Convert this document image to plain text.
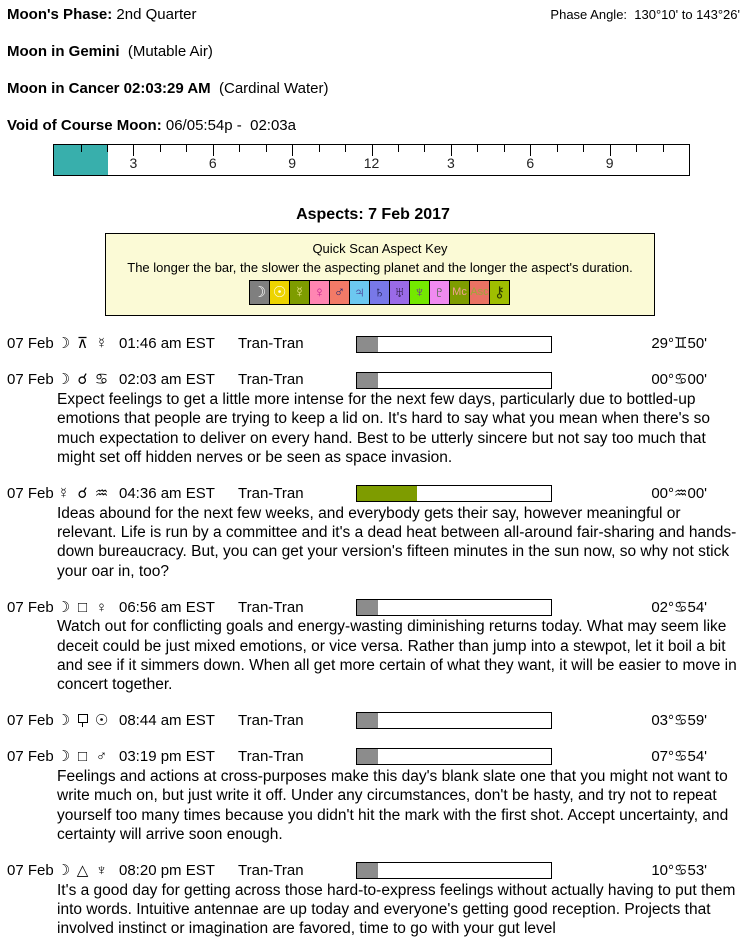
Moon's Phase: 2nd Quarter	Phase Angle:  130°10' to 143°26'
Moon in Gemini  (Mutable Air)
Moon in Cancer 02:03:29 AM  (Cardinal Water)
Void of Course Moon: 06/05:54p -  02:03a
3	6	9	12	3	6	9
Aspects: 7 Feb 2017
Quick Scan Aspect Key
The longer the bar, the slower the aspecting planet and the longer the aspect's duration.
☽ ☉ ☿ ♀ ♂ ♃ ♄ ♅ ♆ ♇ Mc Asc ⚷
07 Feb ☽ ⊼ ☿ 01:46 am EST Tran-Tran	29°♊50'

07 Feb ☽ ☌ ♋ 02:03 am EST Tran-Tran	00°♋00'

Expect feelings to get a little more intense for the next few days, particularly due to bottled-up emotions that people are trying to keep a lid on. It's hard to say what you mean when there's so much expectation to deliver on every hand. Best to be utterly sincere but not say too much that might set off hidden nerves or be seen as space invasion.
07 Feb ☿ ☌ ♒ 04:36 am EST Tran-Tran	00°♒00'

Ideas abound for the next few weeks, and everybody gets their say, however meaningful or relevant. Life is run by a committee and it's a dead heat between all-around fair-sharing and hands-down bureaucracy. But, you can get your version's fifteen minutes in the sun now, so why not stick your oar in, too?
07 Feb ☽ □ ♀ 06:56 am EST Tran-Tran	02°♋54'

Watch out for conflicting goals and energy-wasting diminishing returns today. What may seem like deceit could be just mixed emotions, or vice versa. Rather than jump into a stewpot, let it boil a bit and see if it simmers down. When all get more certain of what they want, it will be easier to move in concert together.
07 Feb ☽ ☉ 08:44 am EST Tran-Tran	03°♋59'

07 Feb ☽ □ ♂ 03:19 pm EST Tran-Tran	07°♋54'

Feelings and actions at cross-purposes make this day's blank slate one that you might not want to write much on, but just write it off. Under any circumstances, don't be hasty, and try not to repeat yourself too many times because you didn't hit the mark with the first shot. Accept uncertainty, and certainty will arrive soon enough.
07 Feb ☽ △ ♆ 08:20 pm EST Tran-Tran	10°♋53'

It's a good day for getting across those hard-to-express feelings without actually having to put them into words. Intuitive antennae are up today and everyone's getting good reception. Projects that involved instinct or imagination are favored, time to go with your gut level
